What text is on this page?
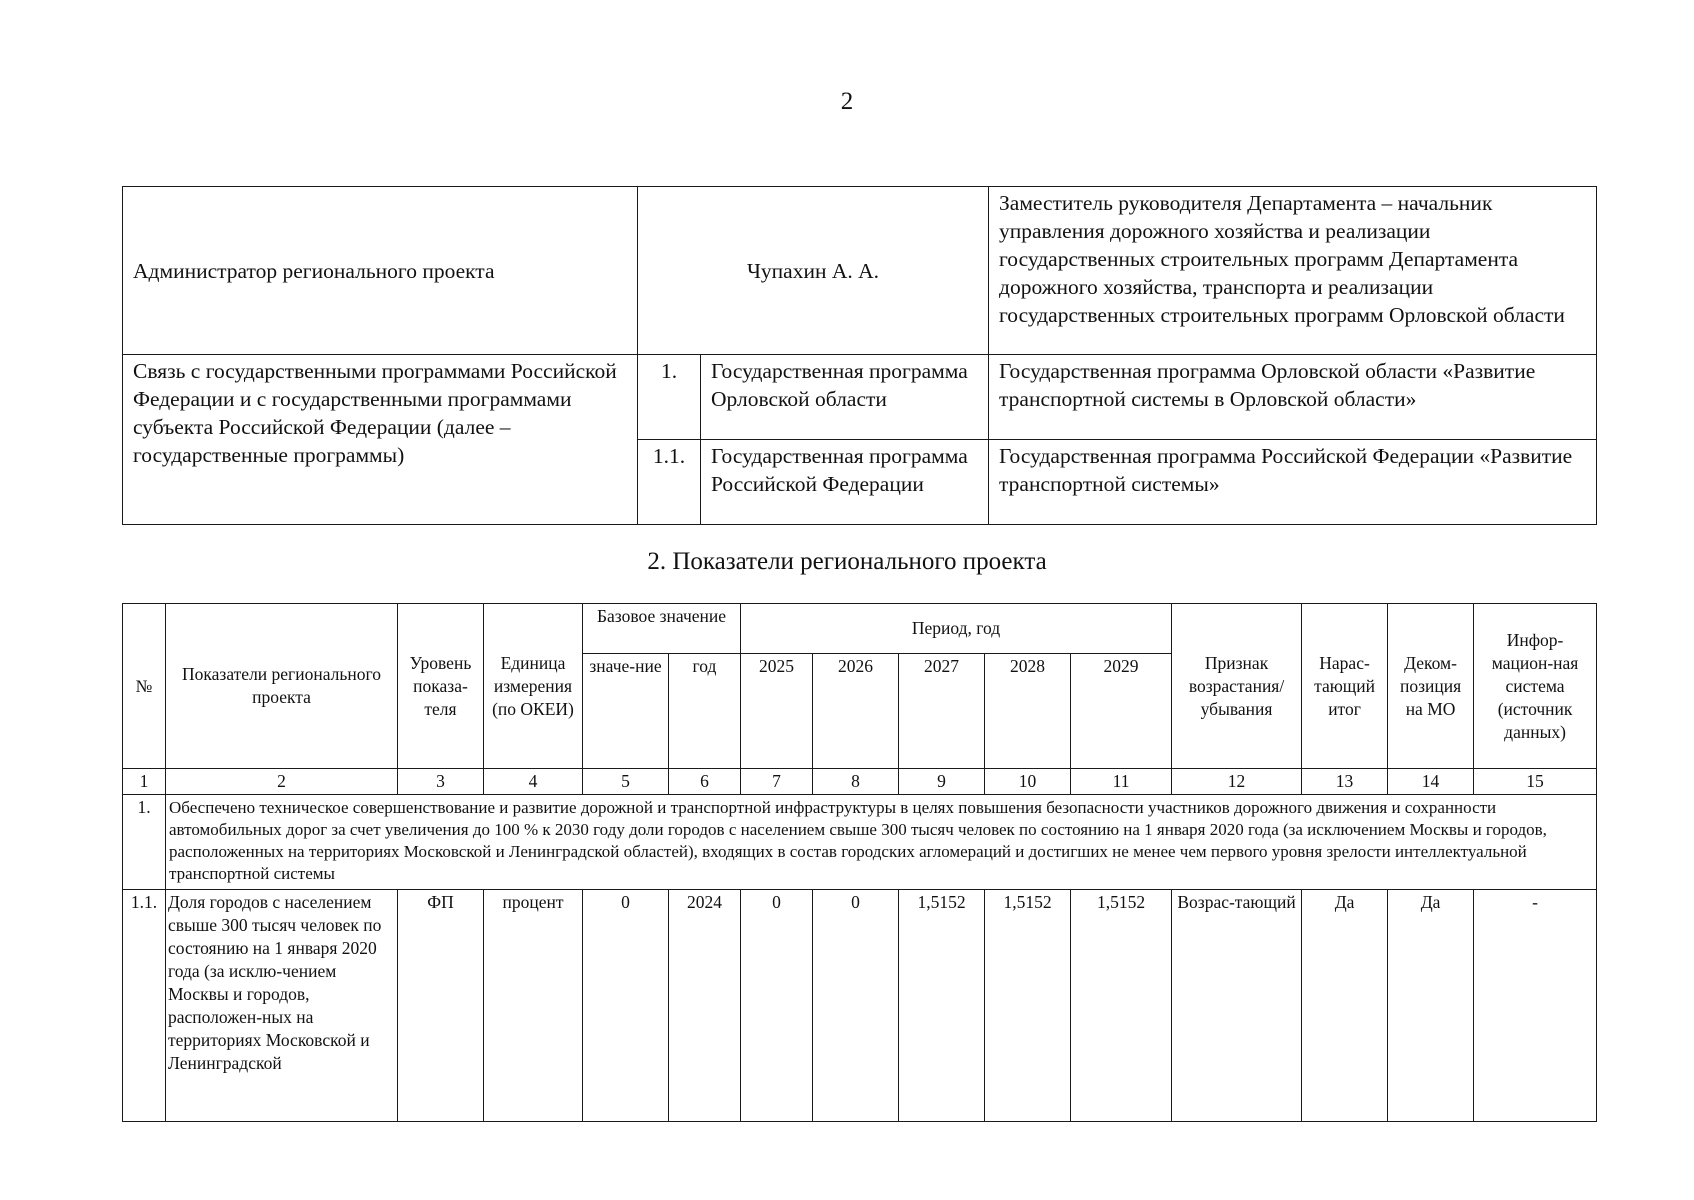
2
Администратор регионального проекта	Чупахин А. А.		Заместитель руководителя Департамента – начальник управления дорожного хозяйства и реализации государственных строительных программ Департамента дорожного хозяйства, транспорта и реализации государственных строительных программ Орловской области
Связь с государственными программами Российской Федерации и с государственными программами субъекта Российской Федерации (далее – государственные программы)	1.	Государственная программа Орловской области	Государственная программа Орловской области «Развитие транспортной системы в Орловской области»
	1.1.	Государственная программа Российской Федерации	Государственная программа Российской Федерации «Развитие транспортной системы»
2. Показатели регионального проекта
№	Показатели регионального проекта	Уровень показа-теля	Единица измерения (по ОКЕИ)	Базовое значение		Период, год					Признак возрастания/ убывания	Нарас-тающий итог	Деком-позиция на МО	Инфор-мацион-ная система (источник данных)
				значе-ние	год	2025	2026	2027	2028	2029				
1	2	3	4	5	6	7	8	9	10	11	12	13	14	15
1.	Обеспечено техническое совершенствование и развитие дорожной и транспортной инфраструктуры в целях повышения безопасности участников дорожного движения и сохранности автомобильных дорог за счет увеличения до 100 % к 2030 году доли городов с населением свыше 300 тысяч человек по состоянию на 1 января 2020 года (за исключением Москвы и городов, расположенных на территориях Московской и Ленинградской областей), входящих в состав городских агломераций и достигших не менее чем первого уровня зрелости интеллектуальной транспортной системы													
1.1.	Доля городов с населением свыше 300 тысяч человек по состоянию на 1 января 2020 года (за исклю-чением Москвы и городов, расположен-ных на территориях Московской и Ленинградской	ФП	процент	0	2024	0	0	1,5152	1,5152	1,5152	Возрас-тающий	Да	Да	-
